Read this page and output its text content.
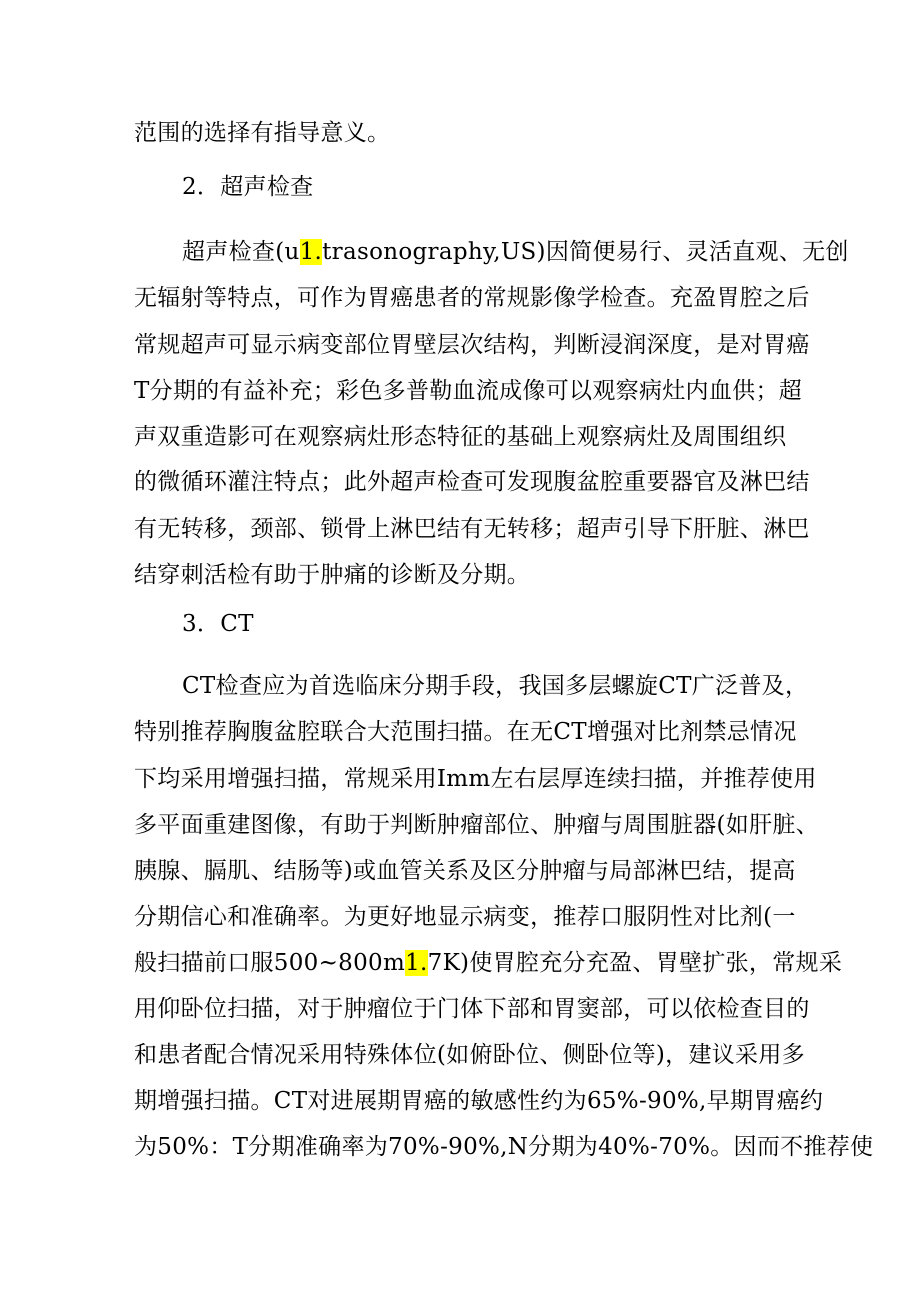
范围的选择有指导意义。
2．超声检查
超声检查(u1.trasonography,US)因简便易行、灵活直观、无创
无辐射等特点，可作为胃癌患者的常规影像学检查。充盈胃腔之后
常规超声可显示病变部位胃壁层次结构，判断浸润深度，是对胃癌
T分期的有益补充；彩色多普勒血流成像可以观察病灶内血供；超
声双重造影可在观察病灶形态特征的基础上观察病灶及周围组织
的微循环灌注特点；此外超声检查可发现腹盆腔重要器官及淋巴结
有无转移，颈部、锁骨上淋巴结有无转移；超声引导下肝脏、淋巴
结穿刺活检有助于肿痛的诊断及分期。
3．CT
CT检查应为首选临床分期手段，我国多层螺旋CT广泛普及，
特别推荐胸腹盆腔联合大范围扫描。在无CT增强对比剂禁忌情况
下均采用增强扫描，常规采用Imm左右层厚连续扫描，并推荐使用
多平面重建图像，有助于判断肿瘤部位、肿瘤与周围脏器(如肝脏、
胰腺、膈肌、结肠等)或血管关系及区分肿瘤与局部淋巴结，提高
分期信心和准确率。为更好地显示病变，推荐口服阴性对比剂(一
般扫描前口服500~800m1.7K)使胃腔充分充盈、胃壁扩张，常规采
用仰卧位扫描，对于肿瘤位于门体下部和胃窦部，可以依检查目的
和患者配合情况采用特殊体位(如俯卧位、侧卧位等)，建议采用多
期增强扫描。CT对进展期胃癌的敏感性约为65%-90%,早期胃癌约
为50%：T分期准确率为70%-90%,N分期为40%-70%。因而不推荐使
